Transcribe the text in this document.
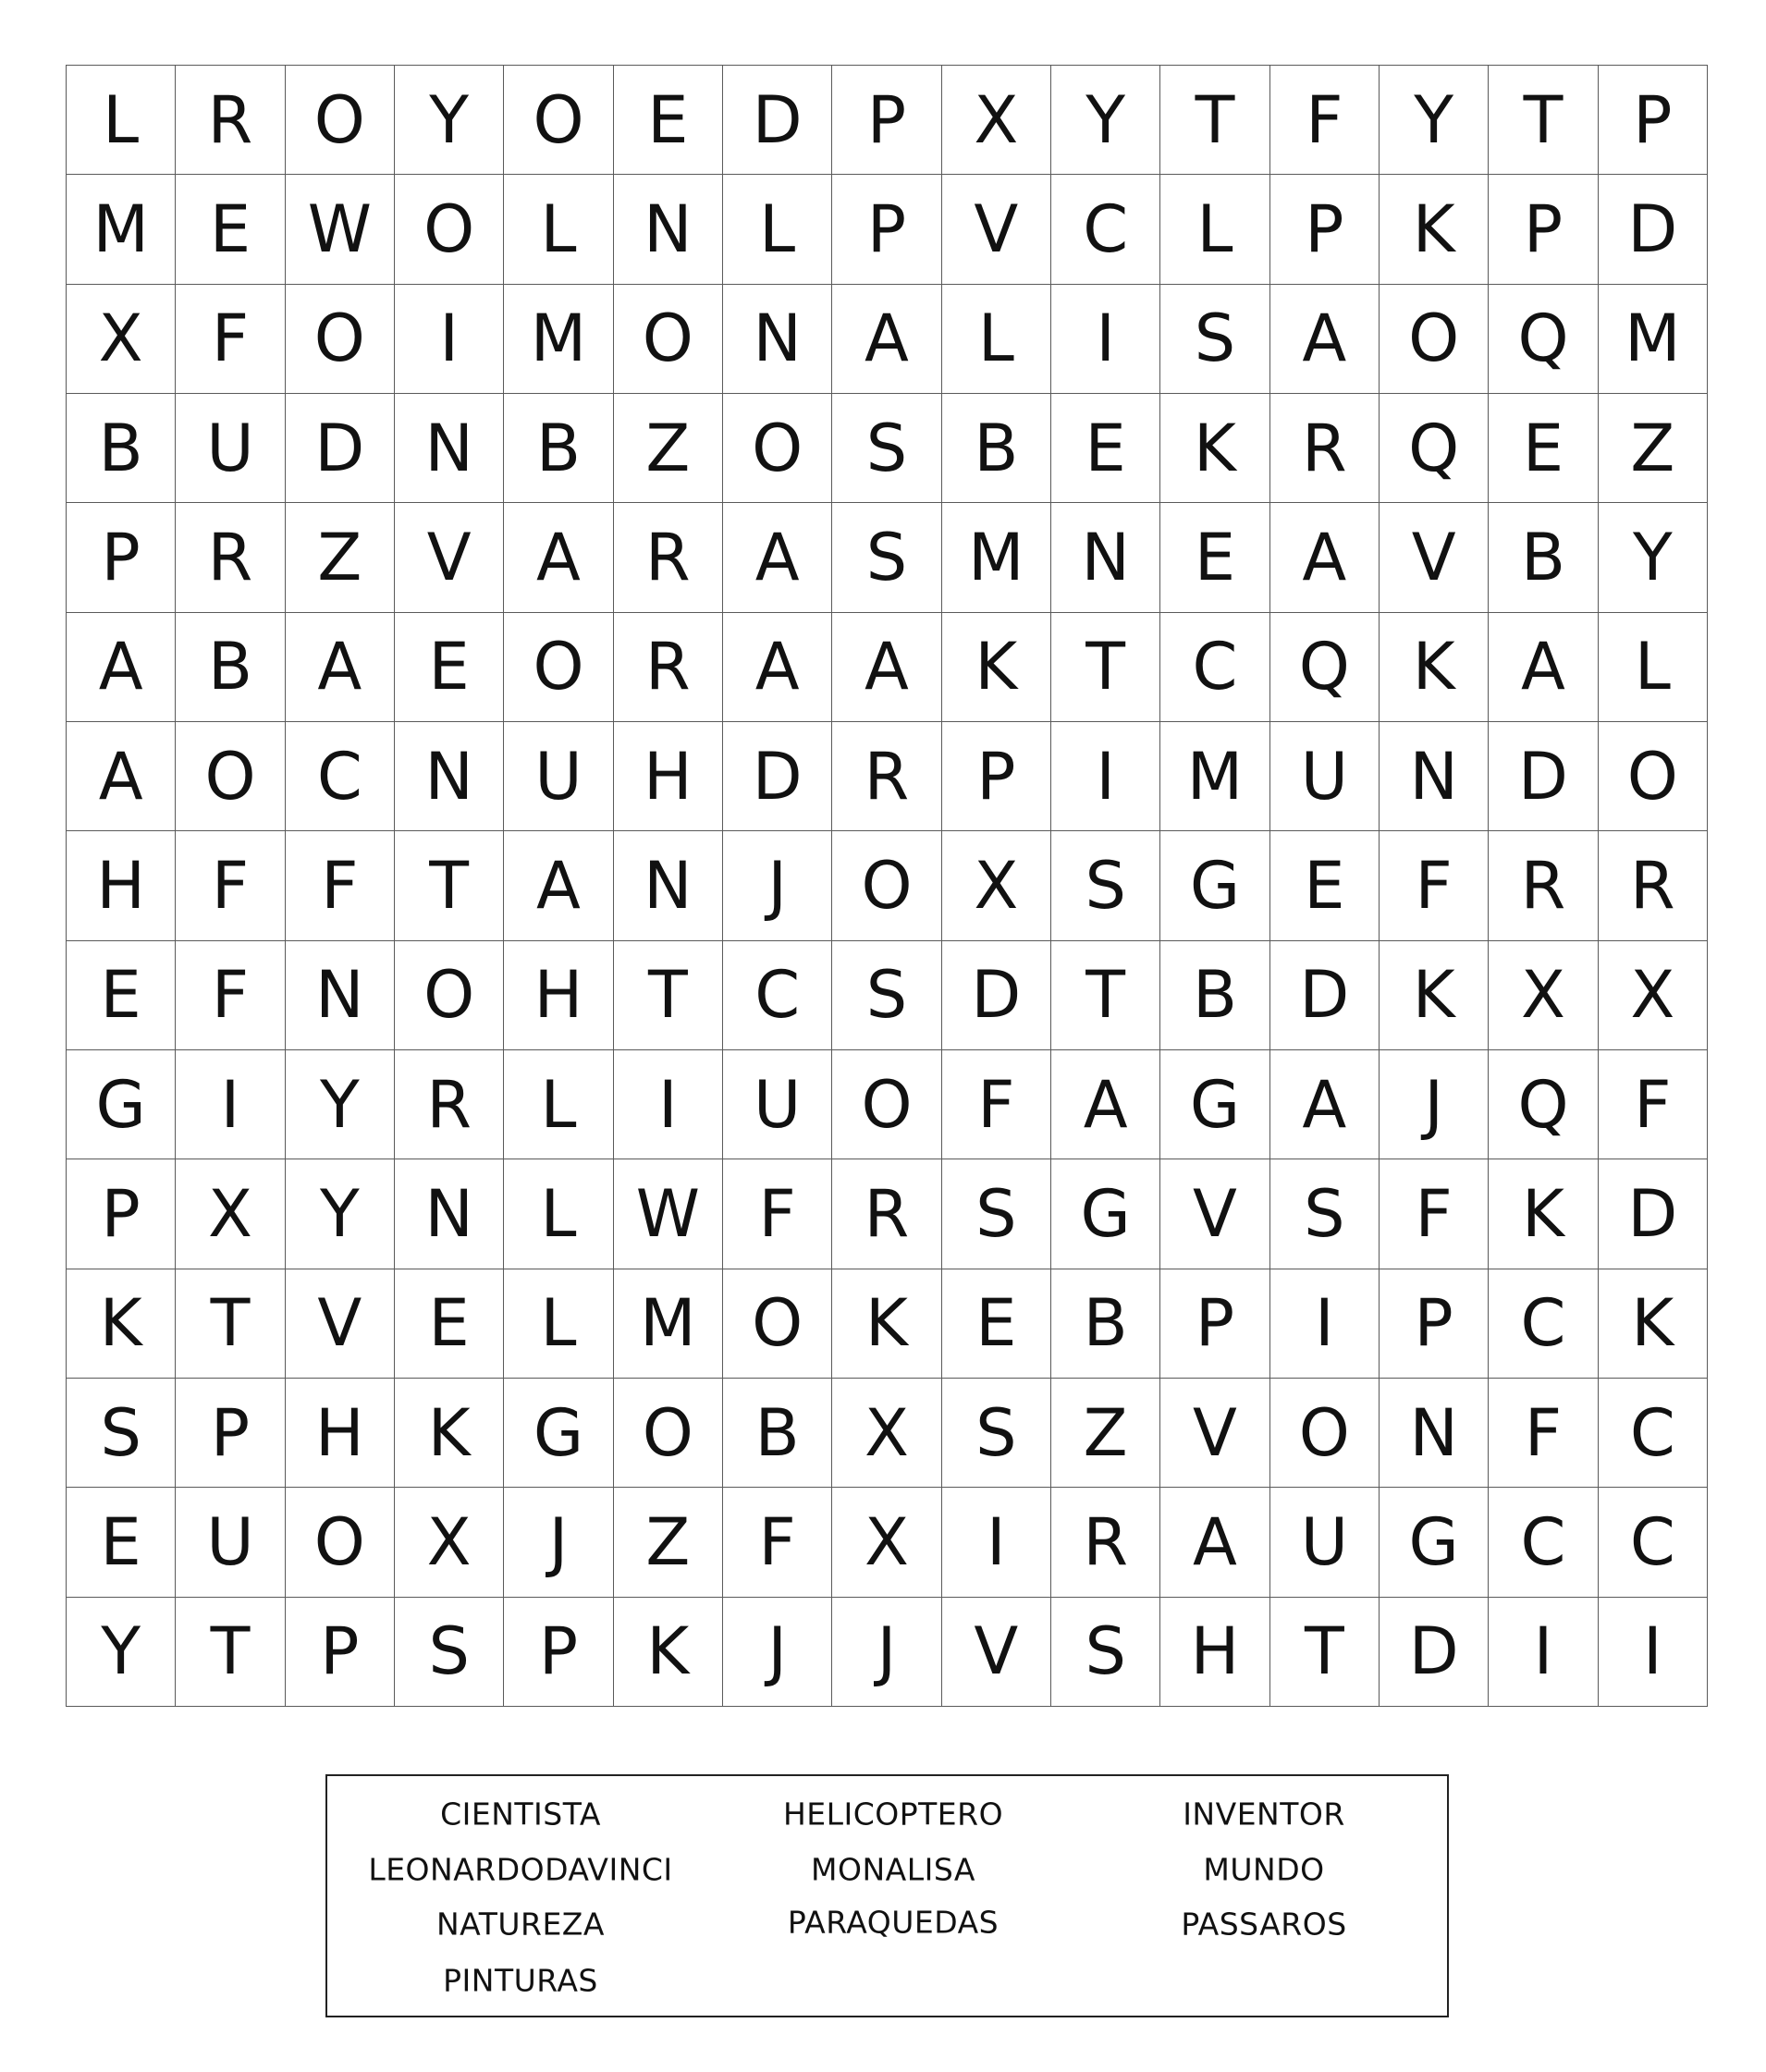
L	R O Y O E D	P	X	Y	T	F	Y	T	P
M E W O	L	N	L	P	V C	L	P	K	P	D
X	F	O	I	M O N A	L	I	S	A O Q M
B U D N B	Z O S	B	E	K	R Q E	Z
P	R	Z	V	A	R	A	S M N	E	A	V	B	Y
A	B	A	E O R	A	A	K	T	C Q K	A	L
A O C N U H D R	P	I	M U N D O
H	F	F	T	A N	J	O X	S G E	F	R R
E	F	N O H	T	C	S D	T	B D K	X	X
G	I	Y	R	L	I	U O	F	A G A	J	Q	F
P	X	Y	N	L W F	R	S G V	S	F	K D
K	T	V	E	L M O K	E	B	P	I	P	C	K
S	P	H K G O B	X	S	Z	V O N	F	C
E	U O X	J	Z	F	X	I	R	A U G C C
Y	T	P	S	P	K	J	J	V	S H	T	D	I	I
CIENTISTA
LEONARDODAVINCI
NATUREZA
PINTURAS
HELICOPTERO
MONALISA
PARAQUEDAS
INVENTOR
MUNDO
PASSAROS
